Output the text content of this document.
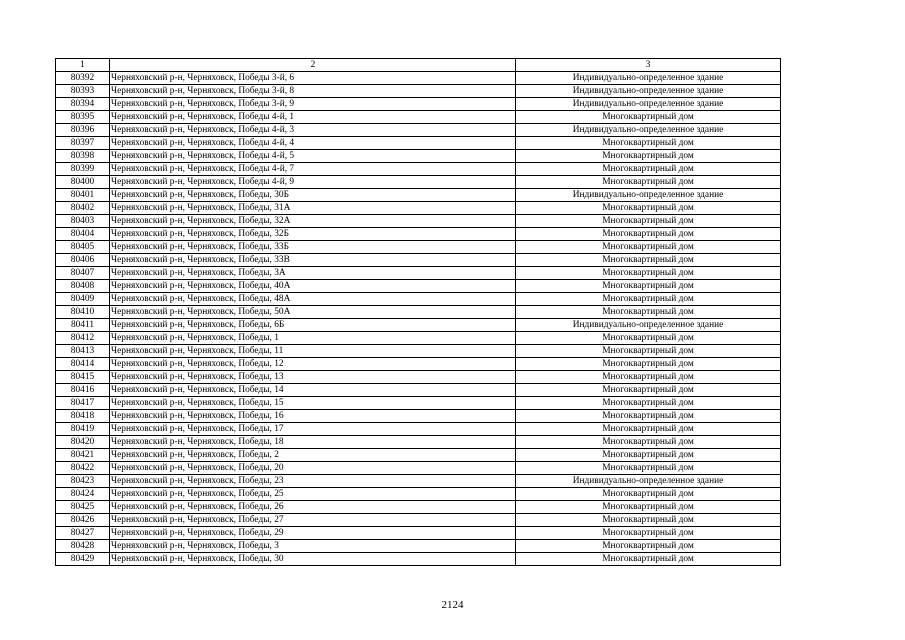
1	2	3
80392	Черняховский р-н, Черняховск, Победы 3-й, 6	Индивидуально-определенное здание
80393	Черняховский р-н, Черняховск, Победы 3-й, 8	Индивидуально-определенное здание
80394	Черняховский р-н, Черняховск, Победы 3-й, 9	Индивидуально-определенное здание
80395	Черняховский р-н, Черняховск, Победы 4-й, 1	Многоквартирный дом
80396	Черняховский р-н, Черняховск, Победы 4-й, 3	Индивидуально-определенное здание
80397	Черняховский р-н, Черняховск, Победы 4-й, 4	Многоквартирный дом
80398	Черняховский р-н, Черняховск, Победы 4-й, 5	Многоквартирный дом
80399	Черняховский р-н, Черняховск, Победы 4-й, 7	Многоквартирный дом
80400	Черняховский р-н, Черняховск, Победы 4-й, 9	Многоквартирный дом
80401	Черняховский р-н, Черняховск, Победы, 30Б	Индивидуально-определенное здание
80402	Черняховский р-н, Черняховск, Победы, 31А	Многоквартирный дом
80403	Черняховский р-н, Черняховск, Победы, 32А	Многоквартирный дом
80404	Черняховский р-н, Черняховск, Победы, 32Б	Многоквартирный дом
80405	Черняховский р-н, Черняховск, Победы, 33Б	Многоквартирный дом
80406	Черняховский р-н, Черняховск, Победы, 33В	Многоквартирный дом
80407	Черняховский р-н, Черняховск, Победы, 3А	Многоквартирный дом
80408	Черняховский р-н, Черняховск, Победы, 40А	Многоквартирный дом
80409	Черняховский р-н, Черняховск, Победы, 48А	Многоквартирный дом
80410	Черняховский р-н, Черняховск, Победы, 50А	Многоквартирный дом
80411	Черняховский р-н, Черняховск, Победы, 6Б	Индивидуально-определенное здание
80412	Черняховский р-н, Черняховск, Победы, 1	Многоквартирный дом
80413	Черняховский р-н, Черняховск, Победы, 11	Многоквартирный дом
80414	Черняховский р-н, Черняховск, Победы, 12	Многоквартирный дом
80415	Черняховский р-н, Черняховск, Победы, 13	Многоквартирный дом
80416	Черняховский р-н, Черняховск, Победы, 14	Многоквартирный дом
80417	Черняховский р-н, Черняховск, Победы, 15	Многоквартирный дом
80418	Черняховский р-н, Черняховск, Победы, 16	Многоквартирный дом
80419	Черняховский р-н, Черняховск, Победы, 17	Многоквартирный дом
80420	Черняховский р-н, Черняховск, Победы, 18	Многоквартирный дом
80421	Черняховский р-н, Черняховск, Победы, 2	Многоквартирный дом
80422	Черняховский р-н, Черняховск, Победы, 20	Многоквартирный дом
80423	Черняховский р-н, Черняховск, Победы, 23	Индивидуально-определенное здание
80424	Черняховский р-н, Черняховск, Победы, 25	Многоквартирный дом
80425	Черняховский р-н, Черняховск, Победы, 26	Многоквартирный дом
80426	Черняховский р-н, Черняховск, Победы, 27	Многоквартирный дом
80427	Черняховский р-н, Черняховск, Победы, 29	Многоквартирный дом
80428	Черняховский р-н, Черняховск, Победы, 3	Многоквартирный дом
80429	Черняховский р-н, Черняховск, Победы, 30	Многоквартирный дом
2124
